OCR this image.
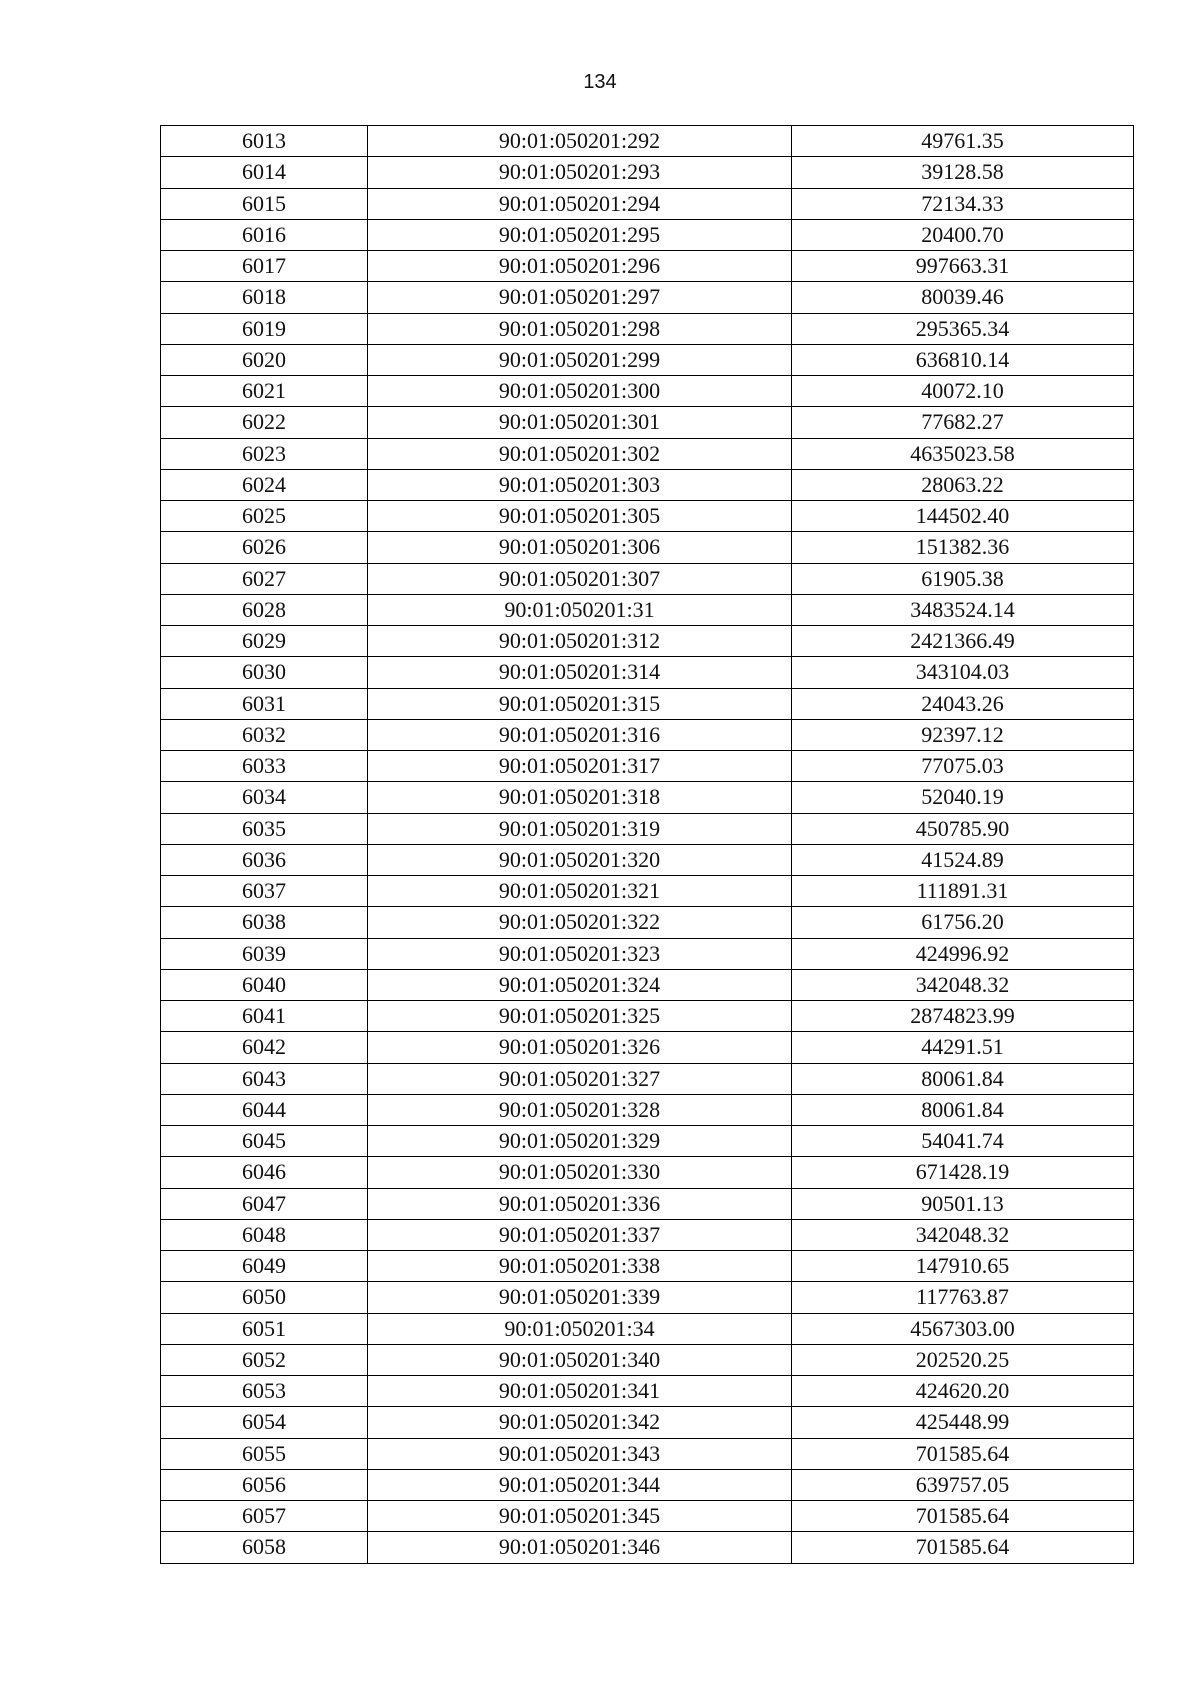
134
6013	90:01:050201:292	49761.35
6014	90:01:050201:293	39128.58
6015	90:01:050201:294	72134.33
6016	90:01:050201:295	20400.70
6017	90:01:050201:296	997663.31
6018	90:01:050201:297	80039.46
6019	90:01:050201:298	295365.34
6020	90:01:050201:299	636810.14
6021	90:01:050201:300	40072.10
6022	90:01:050201:301	77682.27
6023	90:01:050201:302	4635023.58
6024	90:01:050201:303	28063.22
6025	90:01:050201:305	144502.40
6026	90:01:050201:306	151382.36
6027	90:01:050201:307	61905.38
6028	90:01:050201:31	3483524.14
6029	90:01:050201:312	2421366.49
6030	90:01:050201:314	343104.03
6031	90:01:050201:315	24043.26
6032	90:01:050201:316	92397.12
6033	90:01:050201:317	77075.03
6034	90:01:050201:318	52040.19
6035	90:01:050201:319	450785.90
6036	90:01:050201:320	41524.89
6037	90:01:050201:321	111891.31
6038	90:01:050201:322	61756.20
6039	90:01:050201:323	424996.92
6040	90:01:050201:324	342048.32
6041	90:01:050201:325	2874823.99
6042	90:01:050201:326	44291.51
6043	90:01:050201:327	80061.84
6044	90:01:050201:328	80061.84
6045	90:01:050201:329	54041.74
6046	90:01:050201:330	671428.19
6047	90:01:050201:336	90501.13
6048	90:01:050201:337	342048.32
6049	90:01:050201:338	147910.65
6050	90:01:050201:339	117763.87
6051	90:01:050201:34	4567303.00
6052	90:01:050201:340	202520.25
6053	90:01:050201:341	424620.20
6054	90:01:050201:342	425448.99
6055	90:01:050201:343	701585.64
6056	90:01:050201:344	639757.05
6057	90:01:050201:345	701585.64
6058	90:01:050201:346	701585.64
